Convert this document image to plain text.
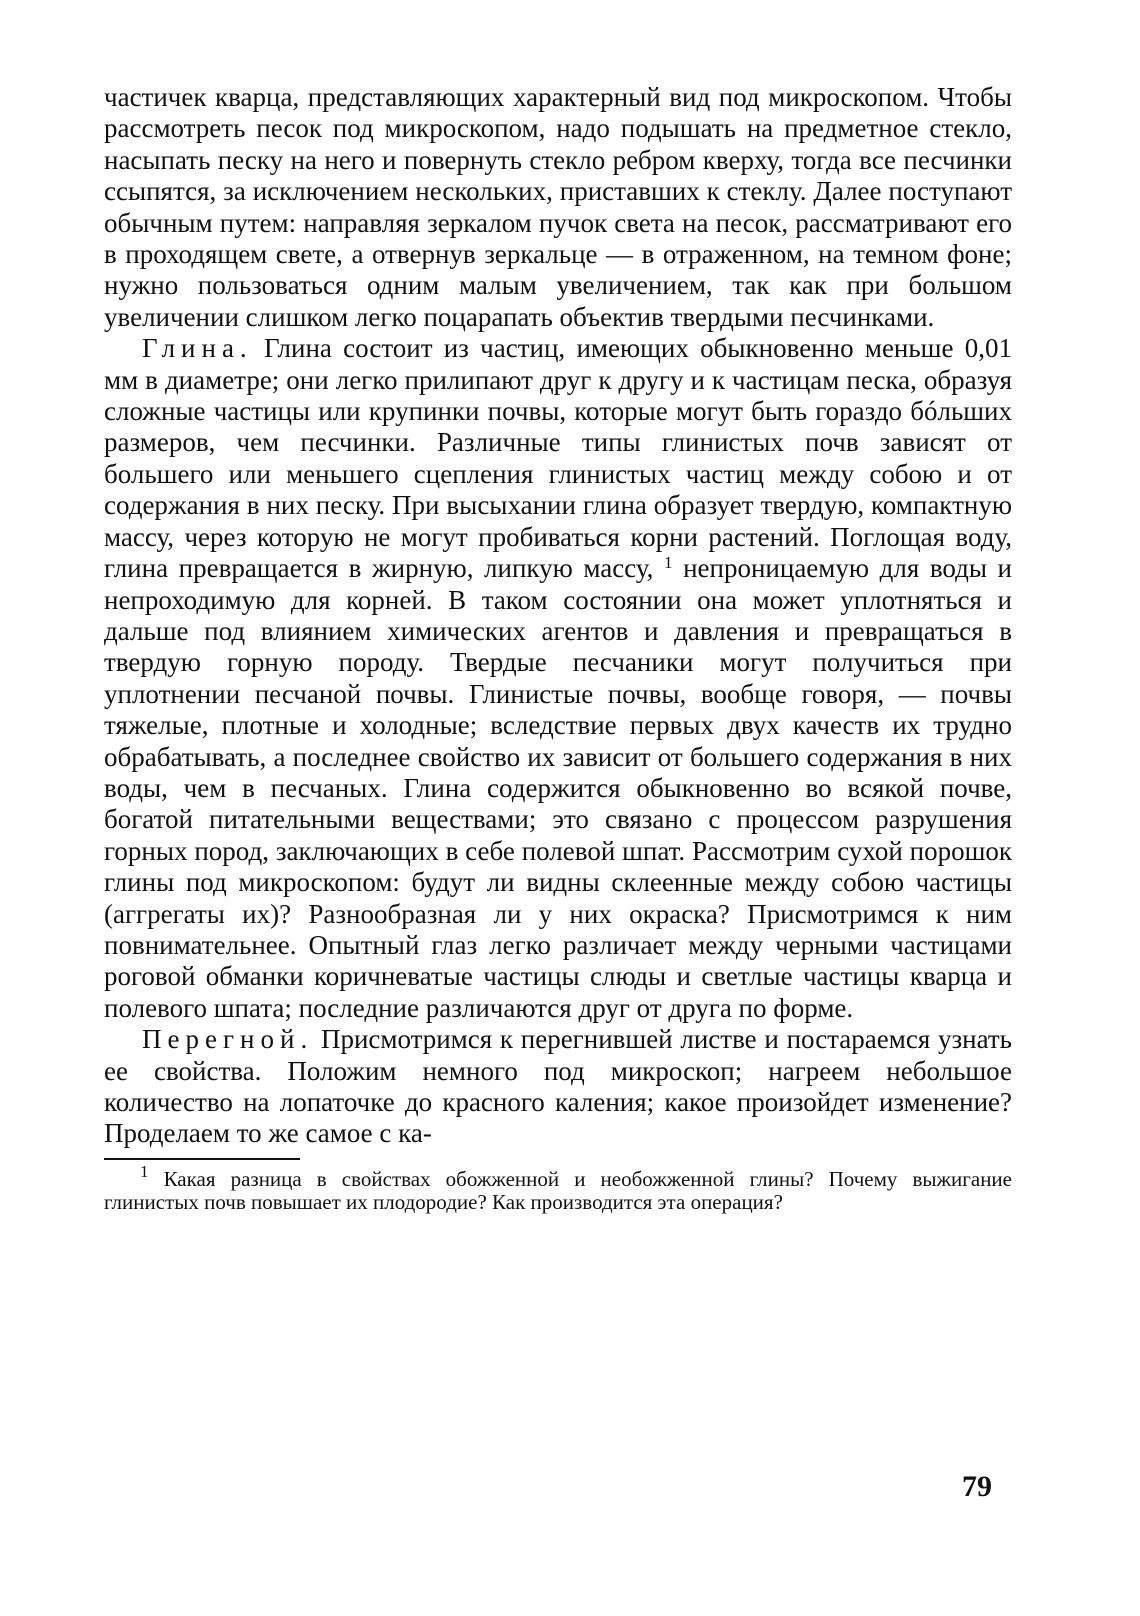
частичек кварца, представляющих характерный вид под микроскопом. Чтобы рассмотреть песок под микроскопом, надо подышать на предметное стекло, насыпать песку на него и повернуть стекло ребром кверху, тогда все песчинки ссыпятся, за исключением нескольких, приставших к стеклу. Далее поступают обычным путем: направляя зеркалом пучок света на песок, рассматривают его в проходящем свете, а отвернув зеркальце — в отраженном, на темном фоне; нужно пользоваться одним малым увеличением, так как при большом увеличении слишком легко поцарапать объектив твердыми песчинками.

Глина. Глина состоит из частиц, имеющих обыкновенно меньше 0,01 мм в диаметре; они легко прилипают друг к другу и к частицам песка, образуя сложные частицы или крупинки почвы, которые могут быть гораздо бóльших размеров, чем песчинки. Различные типы глинистых почв зависят от большего или меньшего сцепления глинистых частиц между собою и от содержания в них песку. При высыхании глина образует твердую, компактную массу, через которую не могут пробиваться корни растений. Поглощая воду, глина превращается в жирную, липкую массу, $^1$ непроницаемую для воды и непроходимую для корней. В таком состоянии она может уплотняться и дальше под влиянием химических агентов и давления и превращаться в твердую горную породу. Твердые песчаники могут получиться при уплотнении песчаной почвы. Глинистые почвы, вообще говоря, — почвы тяжелые, плотные и холодные; вследствие первых двух качеств их трудно обрабатывать, а последнее свойство их зависит от большего содержания в них воды, чем в песчаных. Глина содержится обыкновенно во всякой почве, богатой питательными веществами; это связано с процессом разрушения горных пород, заключающих в себе полевой шпат. Рассмотрим сухой порошок глины под микроскопом: будут ли видны склеенные между собою частицы (аггрегаты их)? Разнообразная ли у них окраска? Присмотримся к ним повнимательнее. Опытный глаз легко различает между черными частицами роговой обманки коричневатые частицы слюды и светлые частицы кварца и полевого шпата; последние различаются друг от друга по форме.

Перегной. Присмотримся к перегнившей листве и постараемся узнать ее свойства. Положим немного под микроскоп; нагреем небольшое количество на лопаточке до красного каления; какое произойдет изменение? Проделаем то же самое с ка-

$^1$ Какая разница в свойствах обожженной и необожженной глины? Почему выжигание глинистых почв повышает их плодородие? Как производится эта операция?

79
